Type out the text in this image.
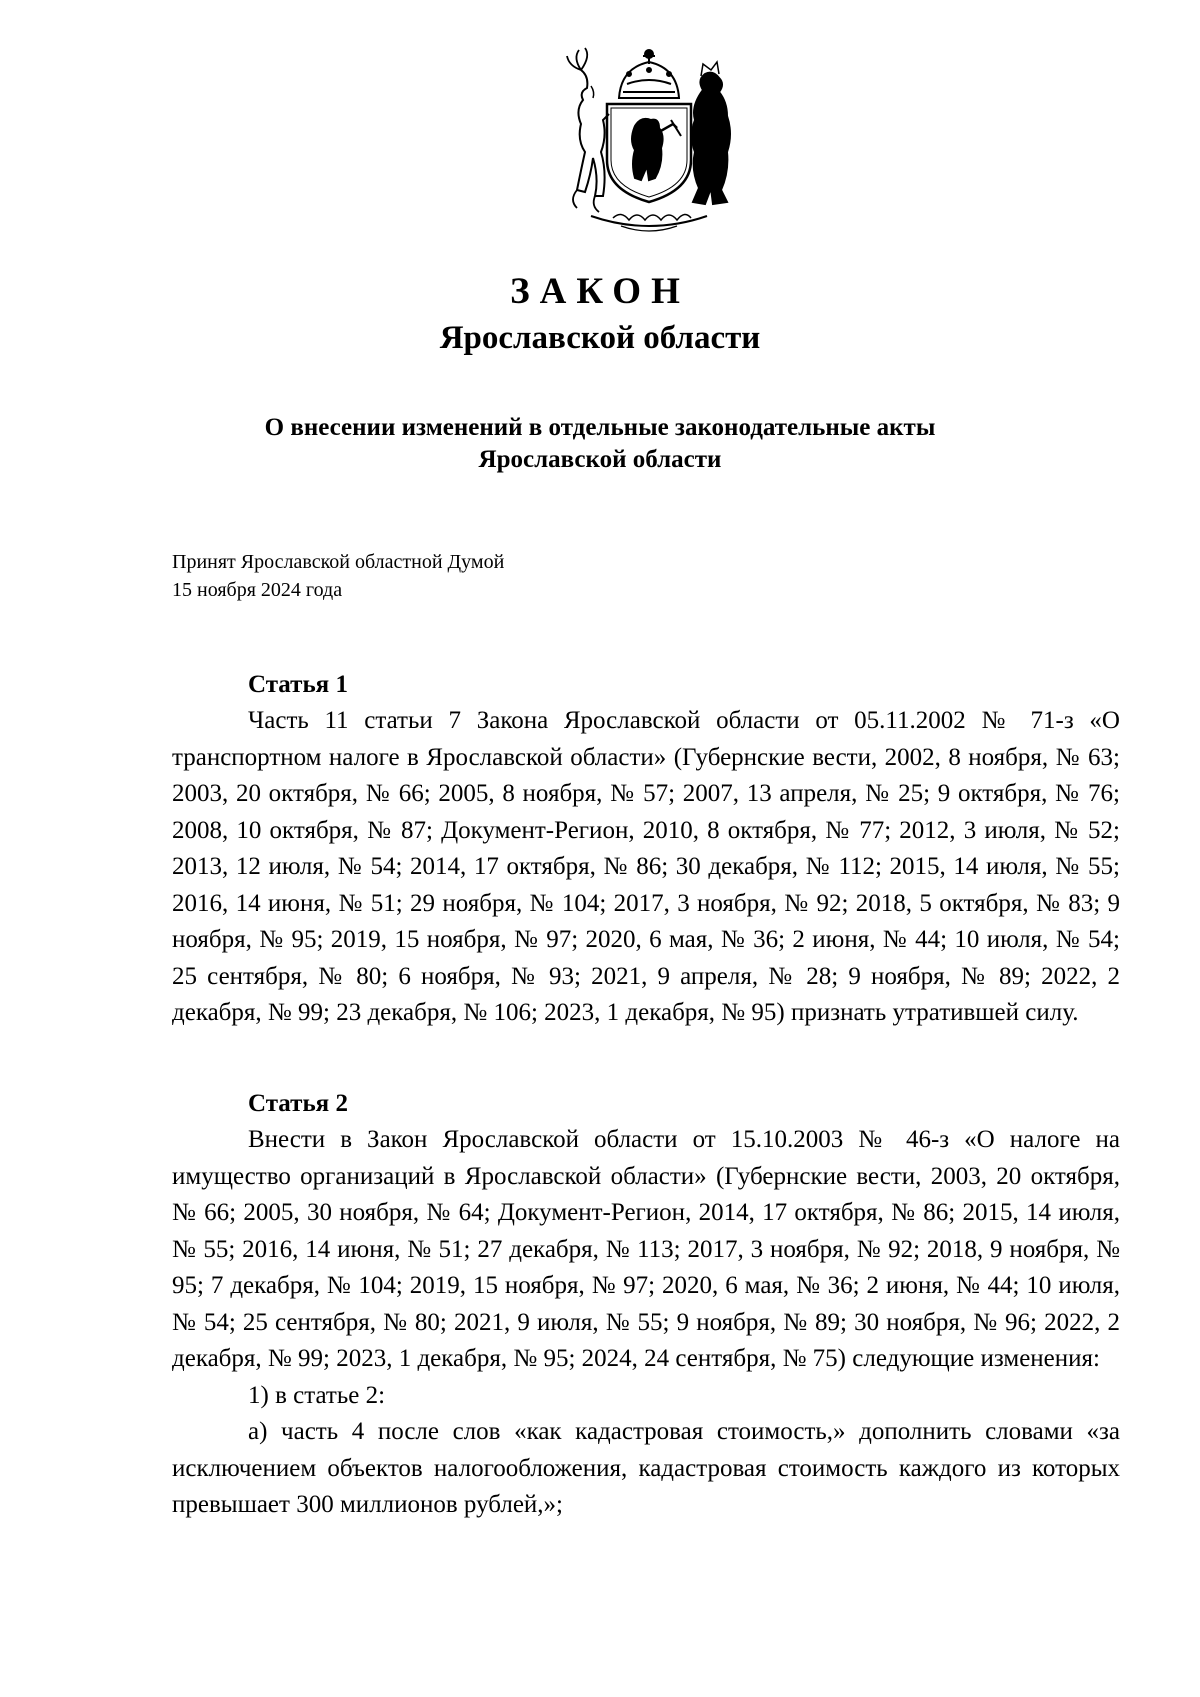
ЗАКОН
Ярославской области
О внесении изменений в отдельные законодательные акты
Ярославской области
Принят Ярославской областной Думой
15 ноября 2024 года
Статья 1

Часть 11 статьи 7 Закона Ярославской области от 05.11.2002 № 71-з «О транспортном налоге в Ярославской области» (Губернские вести, 2002, 8 ноября, № 63; 2003, 20 октября, № 66; 2005, 8 ноября, № 57; 2007, 13 апреля, № 25; 9 октября, № 76; 2008, 10 октября, № 87; Документ-Регион, 2010, 8 октября, № 77; 2012, 3 июля, № 52; 2013, 12 июля, № 54; 2014, 17 октября, № 86; 30 декабря, № 112; 2015, 14 июля, № 55; 2016, 14 июня, № 51; 29 ноября, № 104; 2017, 3 ноября, № 92; 2018, 5 октября, № 83; 9 ноября, № 95; 2019, 15 ноября, № 97; 2020, 6 мая, № 36; 2 июня, № 44; 10 июля, № 54; 25 сентября, № 80; 6 ноября, № 93; 2021, 9 апреля, № 28; 9 ноября, № 89; 2022, 2 декабря, № 99; 23 декабря, № 106; 2023, 1 декабря, № 95) признать утратившей силу.

Статья 2

Внести в Закон Ярославской области от 15.10.2003 № 46-з «О налоге на имущество организаций в Ярославской области» (Губернские вести, 2003, 20 октября, № 66; 2005, 30 ноября, № 64; Документ-Регион, 2014, 17 октября, № 86; 2015, 14 июля, № 55; 2016, 14 июня, № 51; 27 декабря, № 113; 2017, 3 ноября, № 92; 2018, 9 ноября, № 95; 7 декабря, № 104; 2019, 15 ноября, № 97; 2020, 6 мая, № 36; 2 июня, № 44; 10 июля, № 54; 25 сентября, № 80; 2021, 9 июля, № 55; 9 ноября, № 89; 30 ноября, № 96; 2022, 2 декабря, № 99; 2023, 1 декабря, № 95; 2024, 24 сентября, № 75) следующие изменения:

1) в статье 2:

а) часть 4 после слов «как кадастровая стоимость,» дополнить словами «за исключением объектов налогообложения, кадастровая стоимость каждого из которых превышает 300 миллионов рублей,»;
